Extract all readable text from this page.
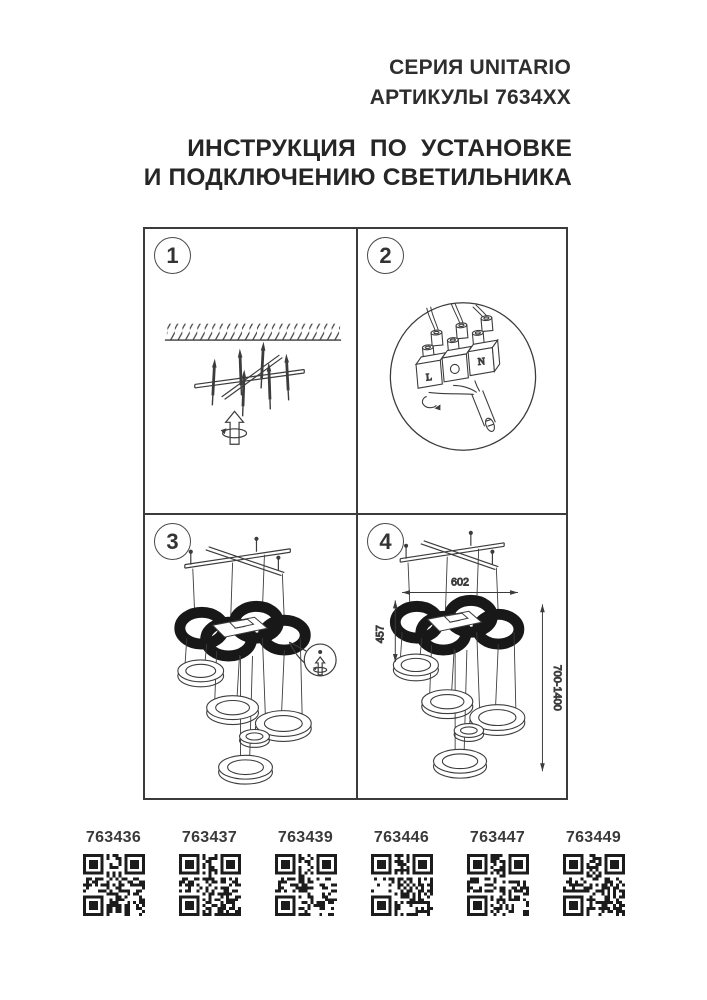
СЕРИЯ UNITARIO
АРТИКУЛЫ 7634XX
ИНСТРУКЦИЯ ПО УСТАНОВКЕ
И ПОДКЛЮЧЕНИЮ СВЕТИЛЬНИКА
1	2
L
N
3	4
602
457
700-1400
763436	763437	763439	763446	763447	763449
